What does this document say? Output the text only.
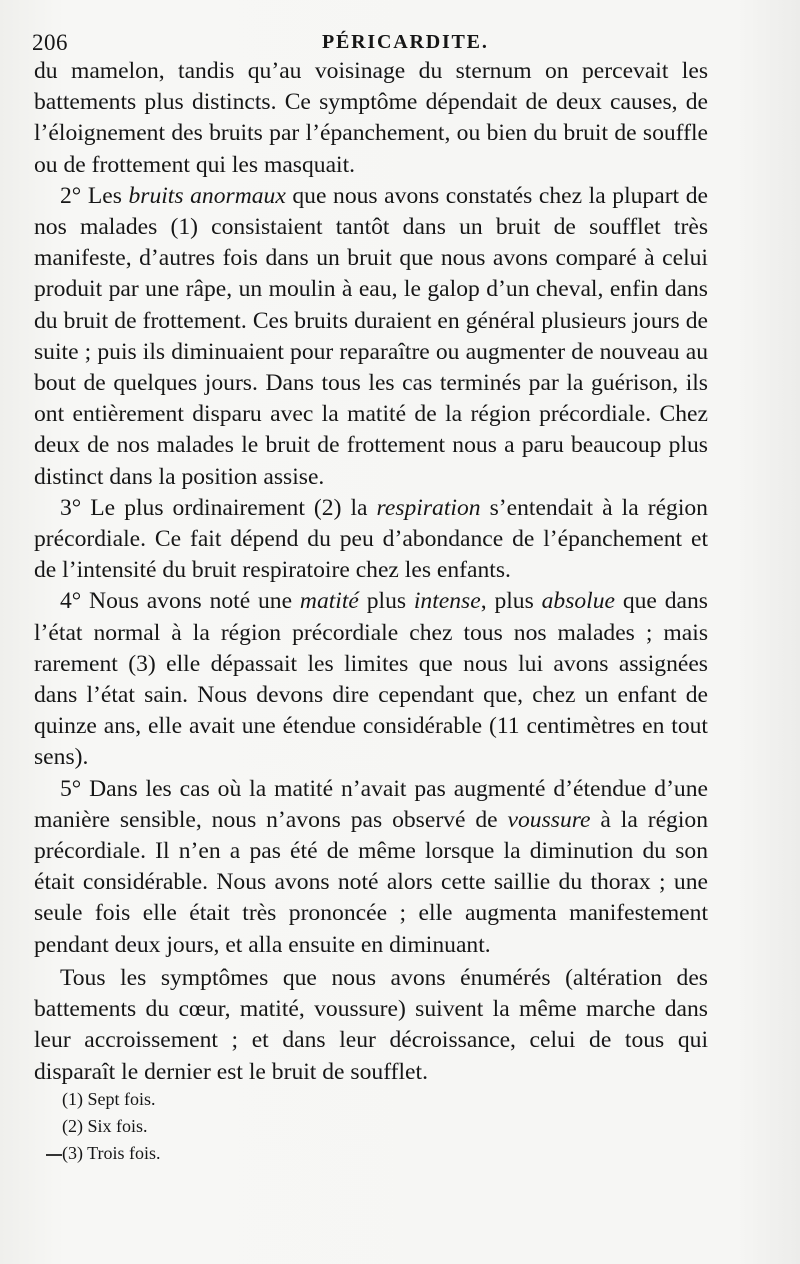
206	PÉRICARDITE.

du mamelon, tandis qu’au voisinage du sternum on percevait les battements plus distincts. Ce symptôme dépendait de deux causes, de l’éloignement des bruits par l’épanchement, ou bien du bruit de souffle ou de frottement qui les masquait.

2° Les bruits anormaux que nous avons constatés chez la plupart de nos malades (1) consistaient tantôt dans un bruit de soufflet très manifeste, d’autres fois dans un bruit que nous avons comparé à celui produit par une râpe, un moulin à eau, le galop d’un cheval, enfin dans du bruit de frottement. Ces bruits duraient en général plusieurs jours de suite ; puis ils diminuaient pour reparaître ou augmenter de nouveau au bout de quelques jours. Dans tous les cas terminés par la guérison, ils ont entièrement disparu avec la matité de la région précordiale. Chez deux de nos malades le bruit de frottement nous a paru beaucoup plus distinct dans la position assise.

3° Le plus ordinairement (2) la respiration s’entendait à la région précordiale. Ce fait dépend du peu d’abondance de l’épanchement et de l’intensité du bruit respiratoire chez les enfants.

4° Nous avons noté une matité plus intense, plus absolue que dans l’état normal à la région précordiale chez tous nos malades ; mais rarement (3) elle dépassait les limites que nous lui avons assignées dans l’état sain. Nous devons dire cependant que, chez un enfant de quinze ans, elle avait une étendue considérable (11 centimètres en tout sens).

5° Dans les cas où la matité n’avait pas augmenté d’étendue d’une manière sensible, nous n’avons pas observé de voussure à la région précordiale. Il n’en a pas été de même lorsque la diminution du son était considérable. Nous avons noté alors cette saillie du thorax ; une seule fois elle était très prononcée ; elle augmenta manifestement pendant deux jours, et alla ensuite en diminuant.

Tous les symptômes que nous avons énumérés (altération des battements du cœur, matité, voussure) suivent la même marche dans leur accroissement ; et dans leur décroissance, celui de tous qui disparaît le dernier est le bruit de soufflet.

(1) Sept fois.
(2) Six fois.
(3) Trois fois.
